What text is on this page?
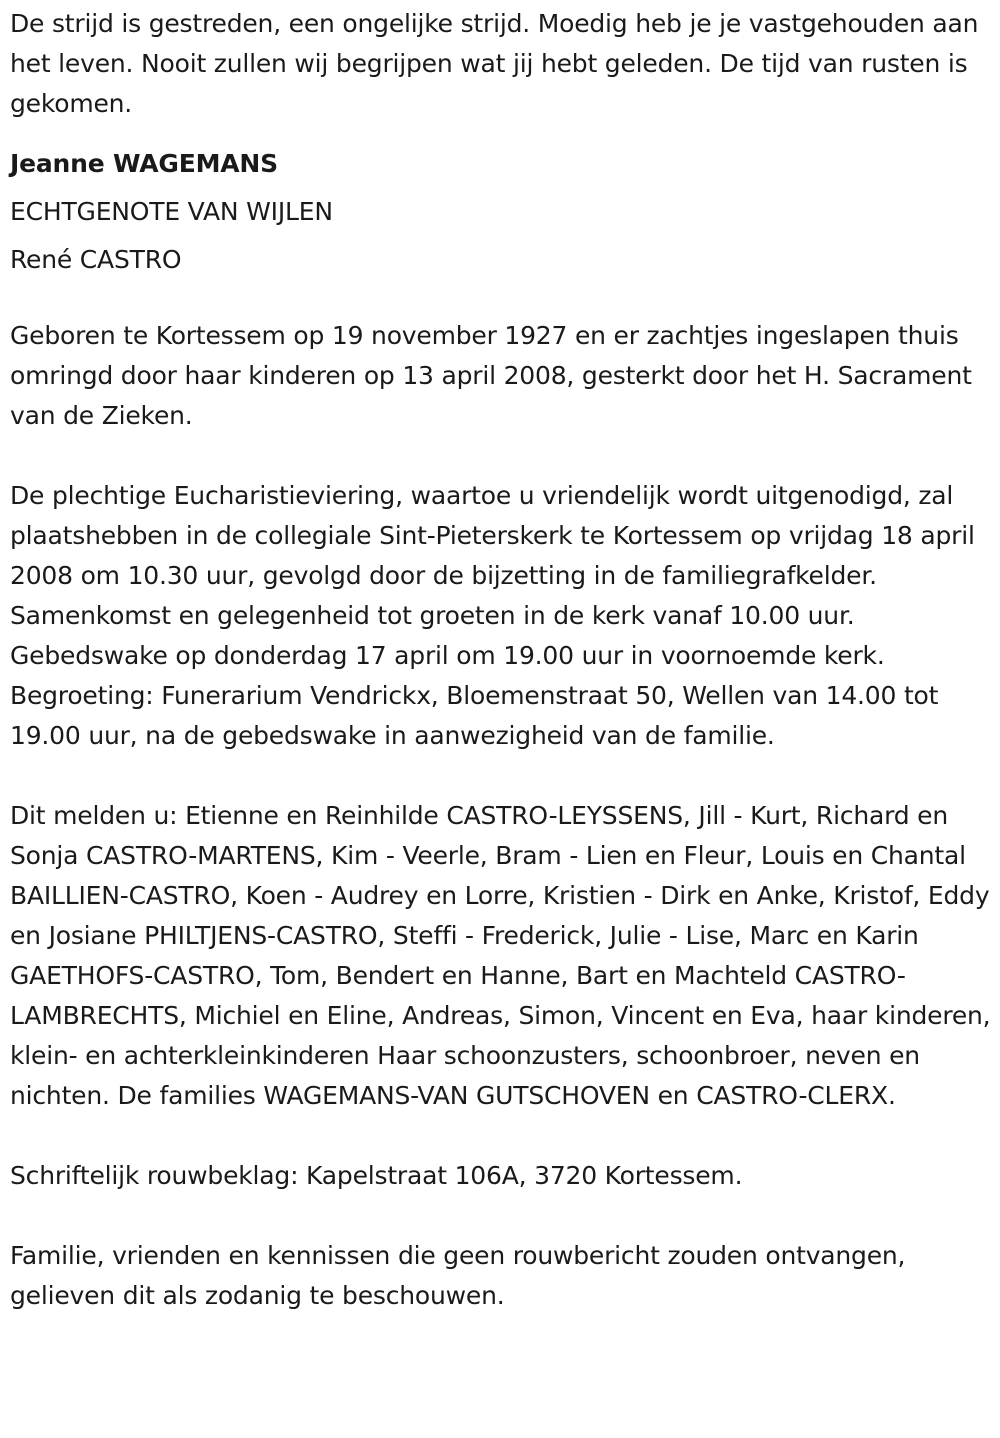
De strijd is gestreden, een ongelijke strijd. Moedig heb je je vastgehouden aan het leven. Nooit zullen wij begrijpen wat jij hebt geleden. De tijd van rusten is gekomen.

Jeanne WAGEMANS

ECHTGENOTE VAN WIJLEN

René CASTRO

Geboren te Kortessem op 19 november 1927 en er zachtjes ingeslapen thuis omringd door haar kinderen op 13 april 2008, gesterkt door het H. Sacrament van de Zieken.

De plechtige Eucharistieviering, waartoe u vriendelijk wordt uitgenodigd, zal plaatshebben in de collegiale Sint-Pieterskerk te Kortessem op vrijdag 18 april 2008 om 10.30 uur, gevolgd door de bijzetting in de familiegrafkelder. Samenkomst en gelegenheid tot groeten in de kerk vanaf 10.00 uur. Gebedswake op donderdag 17 april om 19.00 uur in voornoemde kerk. Begroeting: Funerarium Vendrickx, Bloemenstraat 50, Wellen van 14.00 tot 19.00 uur, na de gebedswake in aanwezigheid van de familie.

Dit melden u: Etienne en Reinhilde CASTRO-LEYSSENS, Jill - Kurt, Richard en Sonja CASTRO-MARTENS, Kim - Veerle, Bram - Lien en Fleur, Louis en Chantal BAILLIEN-CASTRO, Koen - Audrey en Lorre, Kristien - Dirk en Anke, Kristof, Eddy en Josiane PHILTJENS-CASTRO, Steffi - Frederick, Julie - Lise, Marc en Karin GAETHOFS-CASTRO, Tom, Bendert en Hanne, Bart en Machteld CASTRO-LAMBRECHTS, Michiel en Eline, Andreas, Simon, Vincent en Eva, haar kinderen, klein- en achterkleinkinderen Haar schoonzusters, schoonbroer, neven en nichten. De families WAGEMANS-VAN GUTSCHOVEN en CASTRO-CLERX.

Schriftelijk rouwbeklag: Kapelstraat 106A, 3720 Kortessem.

Familie, vrienden en kennissen die geen rouwbericht zouden ontvangen, gelieven dit als zodanig te beschouwen.
